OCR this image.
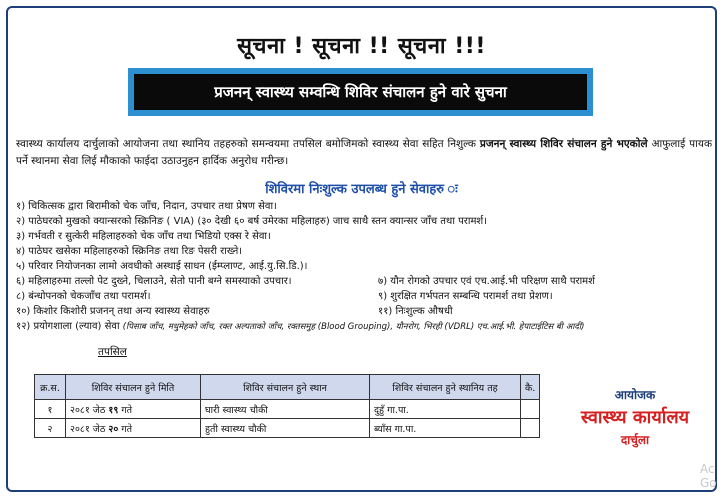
सूचना ! सूचना !! सूचना !!!
प्रजनन् स्वास्थ्य सम्वन्धि शिविर संचालन हुने वारे सुचना
स्वास्थ्य कार्यालय दार्चुलाको आयोजना तथा स्थानिय तहहरुको समन्वयमा तपसिल बमोजिमको स्वास्थ्य सेवा सहित निशुल्क प्रजनन् स्वास्थ्य शिविर संचालन हुने भएकोले आफुलाई पायक पर्ने स्थानमा सेवा लिई मौकाको फाईदा उठाउनुहन हार्दिक अनुरोध गरीन्छ।
शिविरमा निःशुल्क उपलब्ध हुने सेवाहरु ः
१) चिकित्सक द्वारा बिरामीको चेक जाँच, निदान, उपचार तथा प्रेषण सेवा।
२) पाठेघरको मुखको क्यान्सरको स्क्रिनिङ ( VIA) (३० देखी ६० बर्ष उमेरका महिलाहरु) जाच साथै स्तन क्यान्सर जाँच तथा परामर्श।
३) गर्भवती र सुत्केरी महिलाहरुको चेक जाँच तथा भिडियो एक्स रे सेवा।
४) पाठेघर खसेका महिलाहरुको स्क्रिनिङ तथा रिङ पेसरी राख्ने।
५) परिवार नियोजनका लामो अवधीको अस्थाई साधन (ईम्प्लाण्ट, आई.यु.सि.डि.)।
६) महिलाहरुमा तल्लो पेट दुख्ने, चिलाउने, सेतो पानी बग्ने समस्याको उपचार।	७) यौन रोगको उपचार एवं एच.आई.भी परिक्षण साथै परामर्श
८) बंन्धोपनको चेकजाँच तथा परामर्श।	९) शुरक्षित गर्भपतन सम्बन्धि परामर्श तथा प्रेशण।
१०) किशोर किशोरी प्रजनन् तथा अन्य स्वास्थ्य सेवाहरु	११) निःशुल्क औषधी
१२) प्रयोगशाला (ल्याव) सेवा (पिसाब जाँच, मधुमेहको जाँच, रक्त अल्पताको जाँच, रक्तसमुह (Blood Grouping), यौनरोग, भिरही (VDRL) एच.आई.भी. हेपाटाईटिस बी आदी)
तपसिल
क्र.स.	शिविर संचालन हुने मिति	शिविर संचालन हुने स्थान	शिविर संचालन हुने स्थानिय तह	कै.
१	२०८१ जेठ १९ गते	घारी स्वास्थ्य चौकी	दुहुँ गा.पा.	
२	२०८१ जेठ २० गते	हुती स्वास्थ्य चौकी	ब्याँस गा.पा.	
आयोजक
स्वास्थ्य कार्यालय
दार्चुला
Ac
Go
